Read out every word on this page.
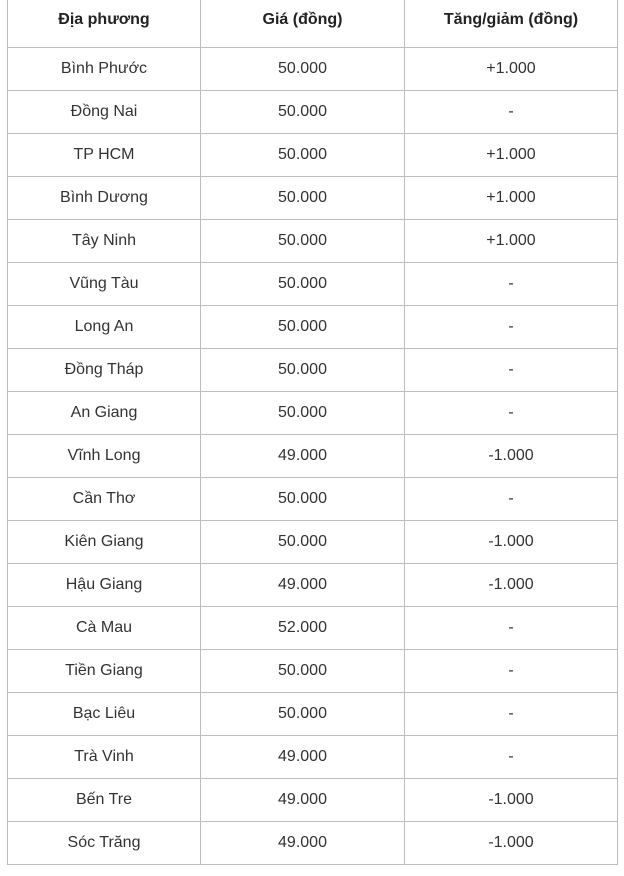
Địa phương	Giá (đồng)	Tăng/giảm (đồng)
Bình Phước	50.000	+1.000
Đồng Nai	50.000	-
TP HCM	50.000	+1.000
Bình Dương	50.000	+1.000
Tây Ninh	50.000	+1.000
Vũng Tàu	50.000	-
Long An	50.000	-
Đồng Tháp	50.000	-
An Giang	50.000	-
Vĩnh Long	49.000	-1.000
Cần Thơ	50.000	-
Kiên Giang	50.000	-1.000
Hậu Giang	49.000	-1.000
Cà Mau	52.000	-
Tiền Giang	50.000	-
Bạc Liêu	50.000	-
Trà Vinh	49.000	-
Bến Tre	49.000	-1.000
Sóc Trăng	49.000	-1.000
